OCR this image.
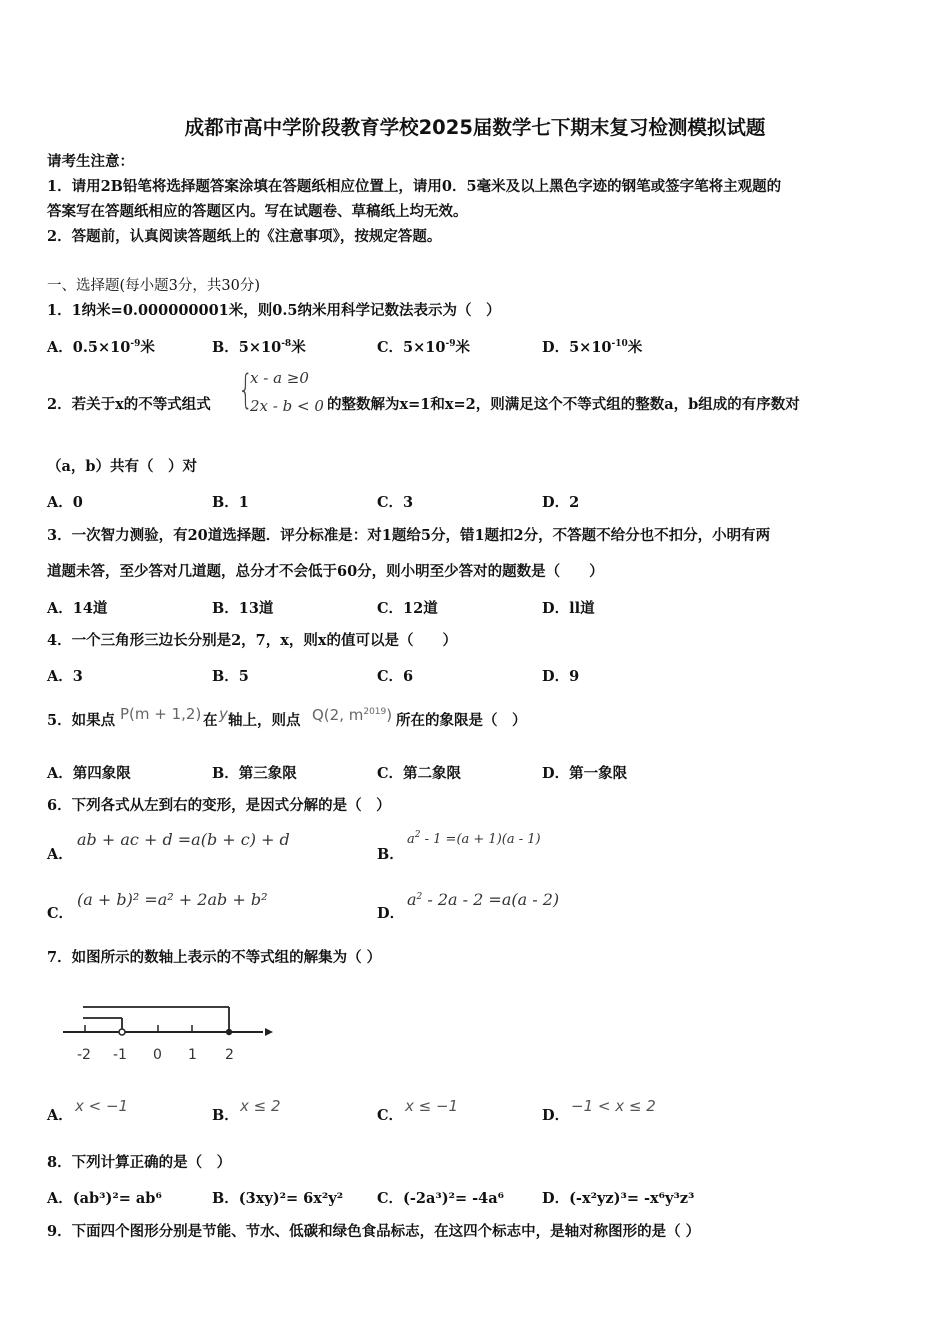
成都市高中学阶段教育学校2025届数学七下期末复习检测模拟试题
请考生注意：
1．请用2B铅笔将选择题答案涂填在答题纸相应位置上，请用0．5毫米及以上黑色字迹的钢笔或签字笔将主观题的
答案写在答题纸相应的答题区内。写在试题卷、草稿纸上均无效。
2．答题前，认真阅读答题纸上的《注意事项》，按规定答题。
一、选择题(每小题3分，共30分)
1．1纳米=0.000000001米，则0.5纳米用科学记数法表示为（　）
A．$0.5\times 10^{-9}$米	B．$5\times 10^{-8}$米	C．$5\times 10^{-9}$米	D．$5\times 10^{-10}$米
2．若关于x的不等式组式 {
x - a ≥0
2x - b < 0 的整数解为x=1和x=2，则满足这个不等式组的整数a，b组成的有序数对
（a，b）共有（　）对
A．0	B．1	C．3	D．2
3．一次智力测验，有20道选择题．评分标准是：对1题给5分，错1题扣2分，不答题不给分也不扣分，小明有两
道题未答，至少答对几道题，总分才不会低于60分，则小明至少答对的题数是（　　）
A．14道	B．13道	C．12道	D．ll道
4．一个三角形三边长分别是2，7，x，则x的值可以是（　　）
A．3	B．5	C．6	D．9
5．如果点 P(m + 1,2) 在 y 轴上，则点 Q(2, $m^{2019}$) 所在的象限是（　）
A．第四象限	B．第三象限	C．第二象限	D．第一象限
6．下列各式从左到右的变形，是因式分解的是（　）
A．
ab + ac + d =a(b + c) + d
B．
$a^2 - 1 =(a + 1)(a - 1)$
C．
(a + b)² =a² + 2ab + b²
D．
$a^2 - 2a - 2 =a(a - 2)$
7．如图所示的数轴上表示的不等式组的解集为（ ）
-2 -1 0 1 2
A．
x < −1
B．
x ≤ 2
C．
x ≤ −1
D．
−1 < x ≤ 2
8．下列计算正确的是（　）
A．(ab³)²= ab⁶	B．(3xy)²= 6x²y² C．(-2a³)²= -4a⁶	D．(-x²yz)³= -x⁶y³z³
9．下面四个图形分别是节能、节水、低碳和绿色食品标志，在这四个标志中，是轴对称图形的是（ ）
